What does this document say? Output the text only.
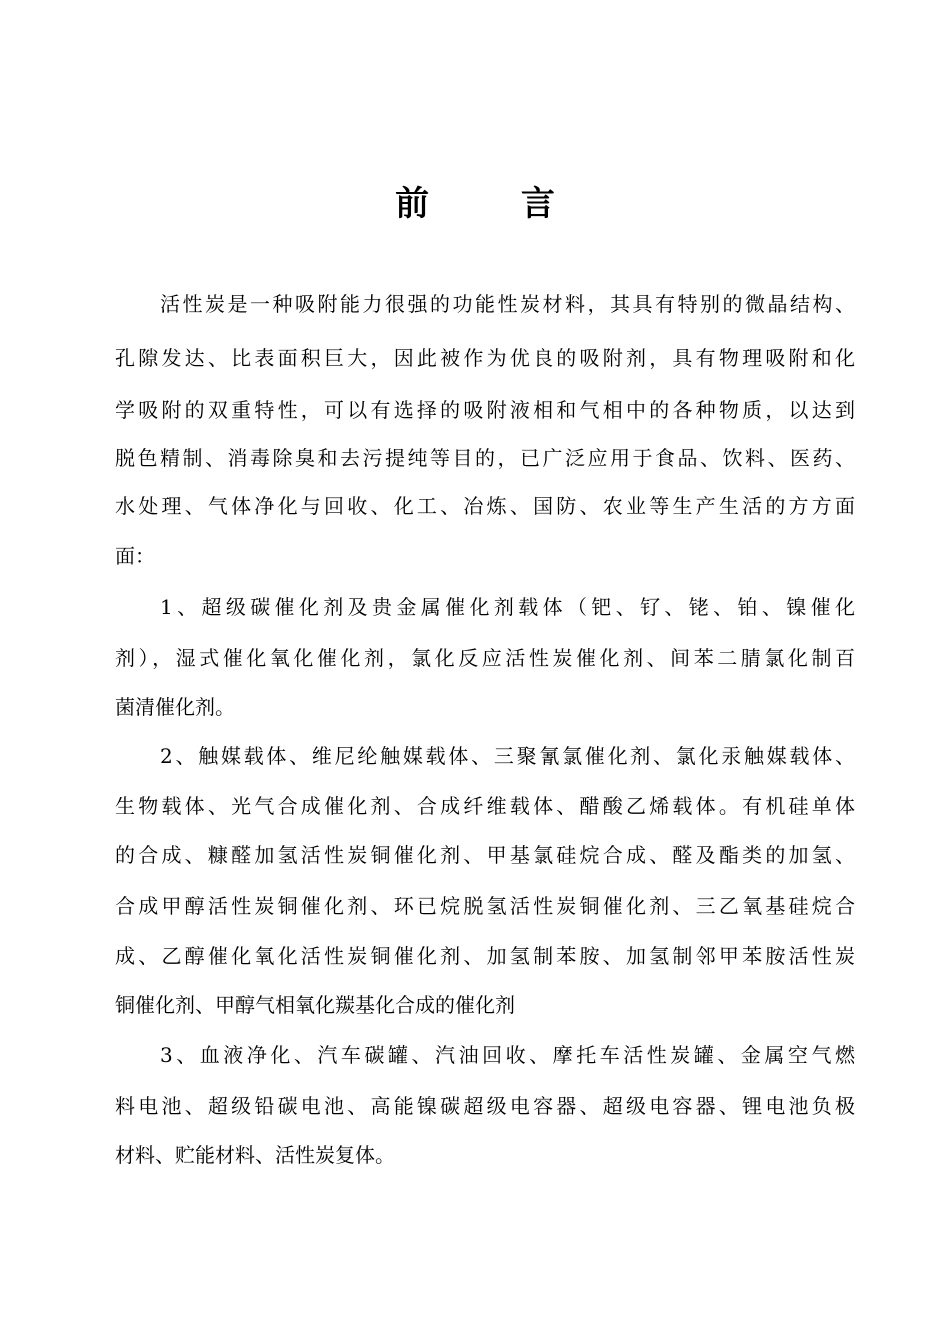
前 言
活性炭是一种吸附能力很强的功能性炭材料，其具有特别的微晶结构、
孔隙发达、比表面积巨大，因此被作为优良的吸附剂，具有物理吸附和化
学吸附的双重特性，可以有选择的吸附液相和气相中的各种物质，以达到
脱色精制、消毒除臭和去污提纯等目的，已广泛应用于食品、饮料、医药、
水处理、气体净化与回收、化工、冶炼、国防、农业等生产生活的方方面
面：
1、超级碳催化剂及贵金属催化剂载体（钯、钌、铑、铂、镍催化
剂），湿式催化氧化催化剂，氯化反应活性炭催化剂、间苯二腈氯化制百
菌清催化剂。
2、触媒载体、维尼纶触媒载体、三聚氰氯催化剂、氯化汞触媒载体、
生物载体、光气合成催化剂、合成纤维载体、醋酸乙烯载体。有机硅单体
的合成、糠醛加氢活性炭铜催化剂、甲基氯硅烷合成、醛及酯类的加氢、
合成甲醇活性炭铜催化剂、环已烷脱氢活性炭铜催化剂、三乙氧基硅烷合
成、乙醇催化氧化活性炭铜催化剂、加氢制苯胺、加氢制邻甲苯胺活性炭
铜催化剂、甲醇气相氧化羰基化合成的催化剂
3、血液净化、汽车碳罐、汽油回收、摩托车活性炭罐、金属空气燃
料电池、超级铅碳电池、高能镍碳超级电容器、超级电容器、锂电池负极
材料、贮能材料、活性炭复体。
